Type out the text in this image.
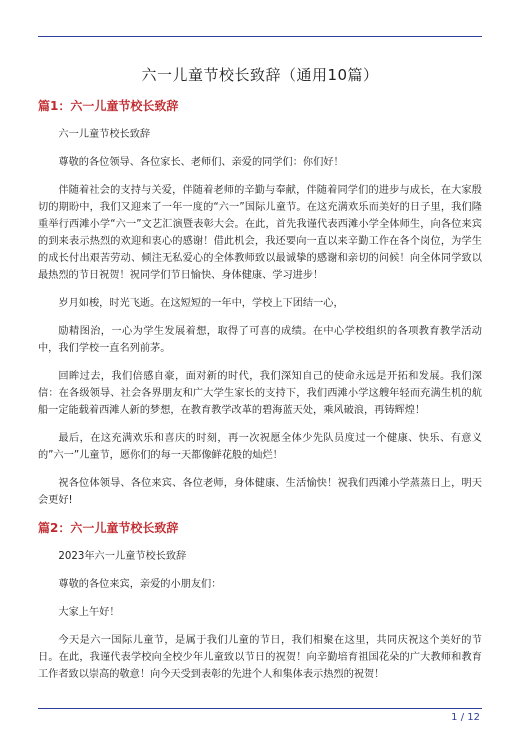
六一儿童节校长致辞（通用10篇）
篇1：六一儿童节校长致辞

六一儿童节校长致辞

尊敬的各位领导、各位家长、老师们、亲爱的同学们：你们好！

伴随着社会的支持与关爱，伴随着老师的辛勤与奉献，伴随着同学们的进步与成长，在大家殷切的期盼中，我们又迎来了一年一度的“六一”国际儿童节。在这充满欢乐而美好的日子里，我们隆重举行西滩小学“六一”文艺汇演暨表彰大会。在此，首先我谨代表西滩小学全体师生，向各位来宾的到来表示热烈的欢迎和衷心的感谢！借此机会，我还要向一直以来辛勤工作在各个岗位，为学生的成长付出艰苦劳动、倾注无私爱心的全体教师致以最诚挚的感谢和亲切的问候！向全体同学致以最热烈的节日祝贺！祝同学们节日愉快、身体健康、学习进步！

岁月如梭，时光飞逝。在这短短的一年中，学校上下团结一心，

励精图治，一心为学生发展着想，取得了可喜的成绩。在中心学校组织的各项教育教学活动中，我们学校一直名列前茅。

回眸过去，我们倍感自豪，面对新的时代，我们深知自己的使命永远是开拓和发展。我们深信：在各级领导、社会各界朋友和广大学生家长的支持下，我们西滩小学这艘年轻而充满生机的航船一定能载着西滩人新的梦想，在教育教学改革的碧海蓝天处，乘风破浪，再铸辉煌！

最后，在这充满欢乐和喜庆的时刻，再一次祝愿全体少先队员度过一个健康、快乐、有意义的”六一”儿童节，愿你们的每一天都像鲜花般的灿烂！

祝各位体领导、各位来宾、各位老师，身体健康、生活愉快！祝我们西滩小学蒸蒸日上，明天会更好!

篇2：六一儿童节校长致辞

2023年六一儿童节校长致辞

尊敬的各位来宾，亲爱的小朋友们：

大家上午好！

今天是六一国际儿童节，是属于我们儿童的节日，我们相聚在这里，共同庆祝这个美好的节日。在此，我谨代表学校向全校少年儿童致以节日的祝贺！向辛勤培育祖国花朵的广大教师和教育工作者致以崇高的敬意！向今天受到表彰的先进个人和集体表示热烈的祝贺！

1 / 12
